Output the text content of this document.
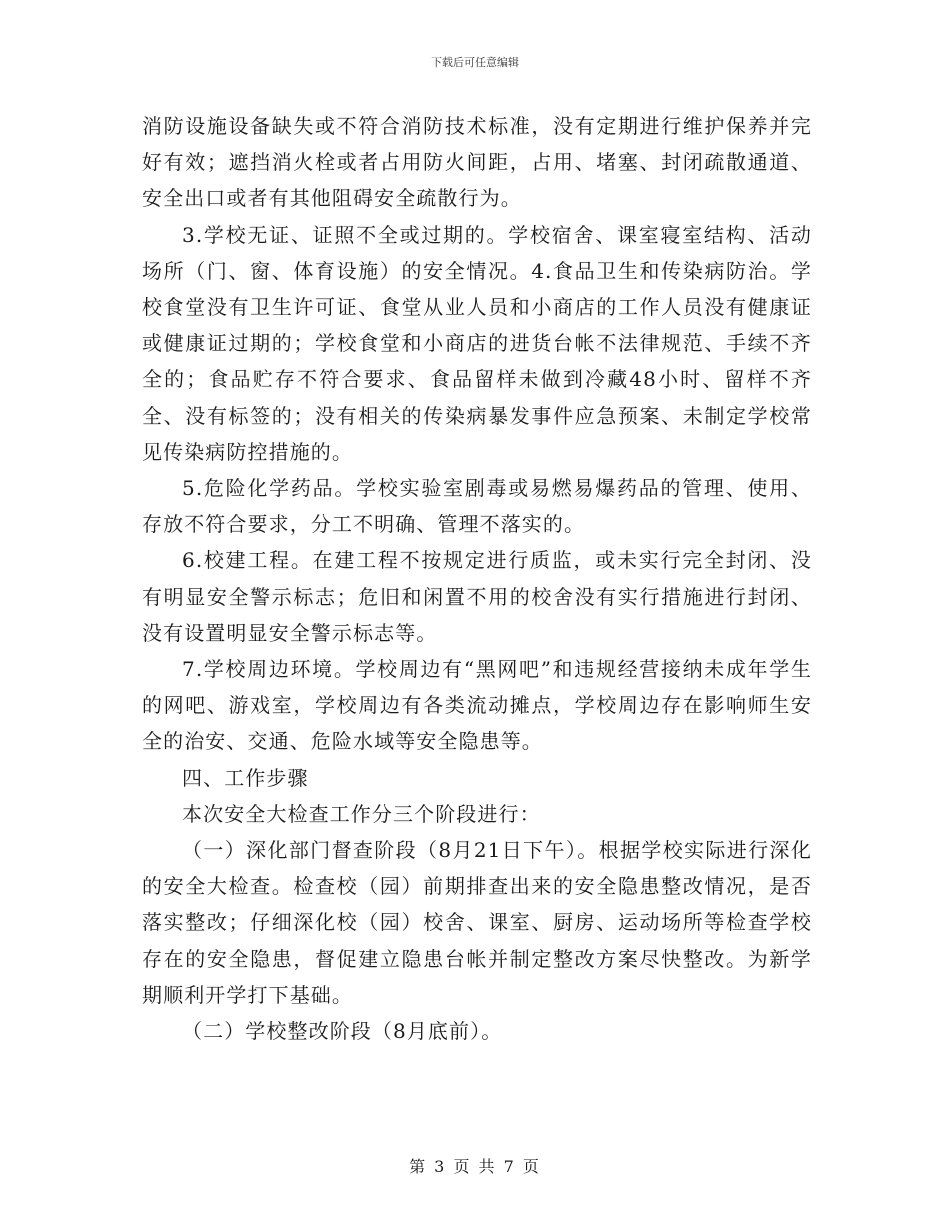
下载后可任意编辑

消防设施设备缺失或不符合消防技术标准，没有定期进行维护保养并完好有效；遮挡消火栓或者占用防火间距，占用、堵塞、封闭疏散通道、安全出口或者有其他阻碍安全疏散行为。

3.学校无证、证照不全或过期的。学校宿舍、课室寝室结构、活动场所（门、窗、体育设施）的安全情况。4.食品卫生和传染病防治。学校食堂没有卫生许可证、食堂从业人员和小商店的工作人员没有健康证或健康证过期的；学校食堂和小商店的进货台帐不法律规范、手续不齐全的；食品贮存不符合要求、食品留样未做到冷藏48小时、留样不齐全、没有标签的；没有相关的传染病暴发事件应急预案、未制定学校常见传染病防控措施的。

5.危险化学药品。学校实验室剧毒或易燃易爆药品的管理、使用、存放不符合要求，分工不明确、管理不落实的。

6.校建工程。在建工程不按规定进行质监，或未实行完全封闭、没有明显安全警示标志；危旧和闲置不用的校舍没有实行措施进行封闭、没有设置明显安全警示标志等。

7.学校周边环境。学校周边有“黑网吧”和违规经营接纳未成年学生的网吧、游戏室，学校周边有各类流动摊点，学校周边存在影响师生安全的治安、交通、危险水域等安全隐患等。

四、工作步骤

本次安全大检查工作分三个阶段进行：

（一）深化部门督查阶段（8月21日下午）。根据学校实际进行深化的安全大检查。检查校（园）前期排查出来的安全隐患整改情况，是否落实整改；仔细深化校（园）校舍、课室、厨房、运动场所等检查学校存在的安全隐患，督促建立隐患台帐并制定整改方案尽快整改。为新学期顺利开学打下基础。

（二）学校整改阶段（8月底前）。

第 3 页 共 7 页
